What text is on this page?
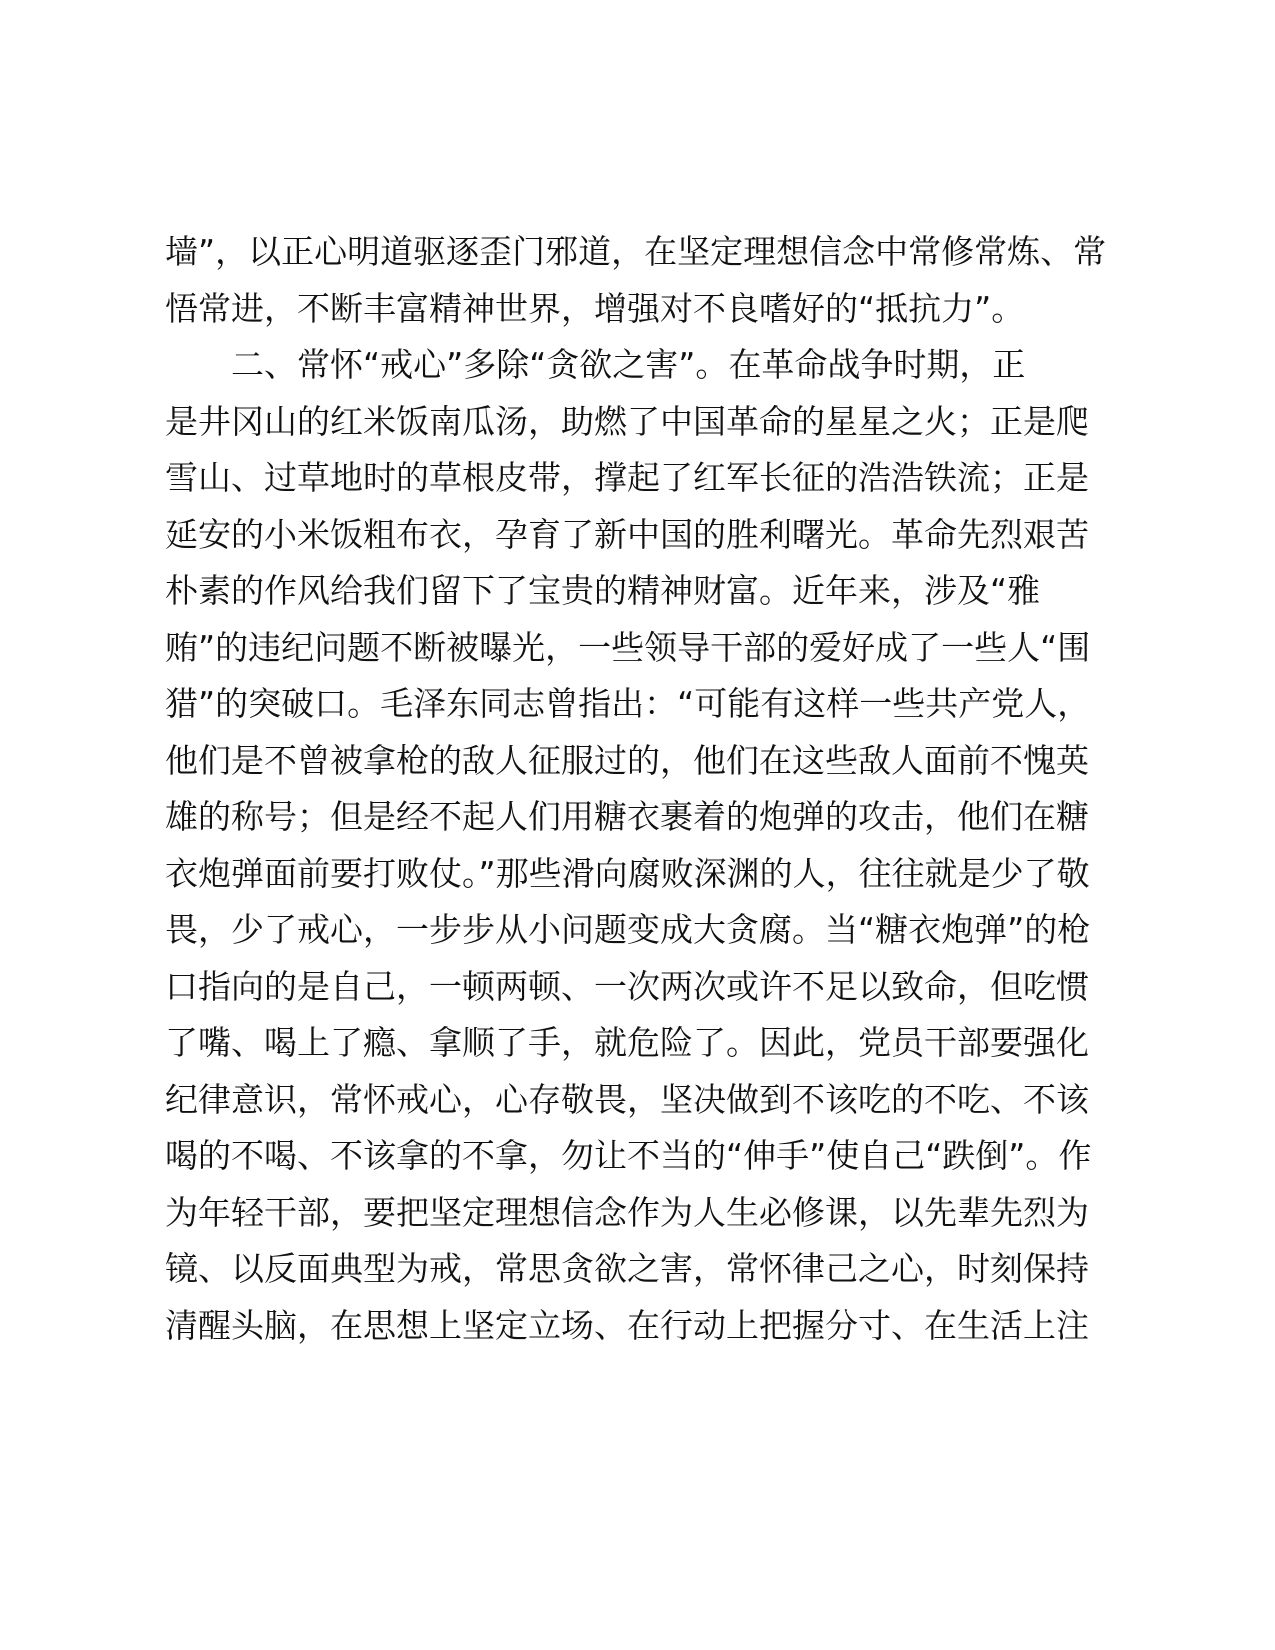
墙”，以正心明道驱逐歪门邪道，在坚定理想信念中常修常炼、常
悟常进，不断丰富精神世界，增强对不良嗜好的“抵抗力”。
二、常怀“戒心”多除“贪欲之害”。在革命战争时期，正
是井冈山的红米饭南瓜汤，助燃了中国革命的星星之火；正是爬
雪山、过草地时的草根皮带，撑起了红军长征的浩浩铁流；正是
延安的小米饭粗布衣，孕育了新中国的胜利曙光。革命先烈艰苦
朴素的作风给我们留下了宝贵的精神财富。近年来，涉及“雅
贿”的违纪问题不断被曝光，一些领导干部的爱好成了一些人“围
猎”的突破口。毛泽东同志曾指出：“可能有这样一些共产党人，
他们是不曾被拿枪的敌人征服过的，他们在这些敌人面前不愧英
雄的称号；但是经不起人们用糖衣裹着的炮弹的攻击，他们在糖
衣炮弹面前要打败仗。”那些滑向腐败深渊的人，往往就是少了敬
畏，少了戒心，一步步从小问题变成大贪腐。当“糖衣炮弹”的枪
口指向的是自己，一顿两顿、一次两次或许不足以致命，但吃惯
了嘴、喝上了瘾、拿顺了手，就危险了。因此，党员干部要强化
纪律意识，常怀戒心，心存敬畏，坚决做到不该吃的不吃、不该
喝的不喝、不该拿的不拿，勿让不当的“伸手”使自己“跌倒”。作
为年轻干部，要把坚定理想信念作为人生必修课，以先辈先烈为
镜、以反面典型为戒，常思贪欲之害，常怀律己之心，时刻保持
清醒头脑，在思想上坚定立场、在行动上把握分寸、在生活上注
